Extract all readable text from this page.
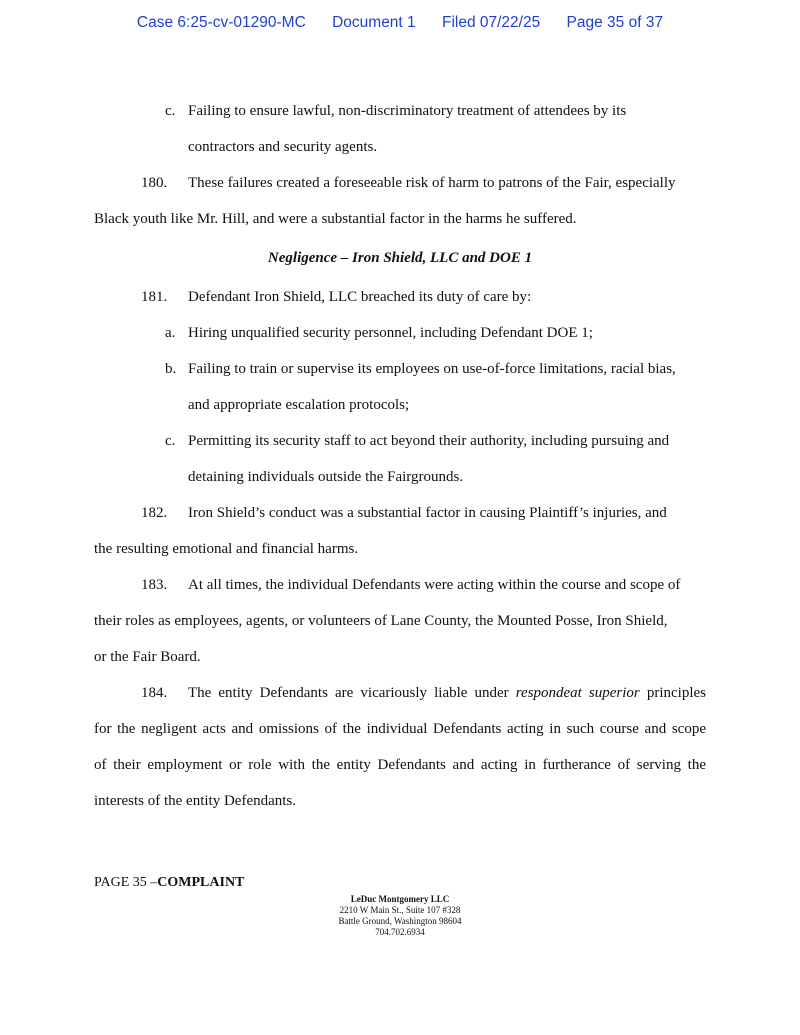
Case 6:25-cv-01290-MC Document 1 Filed 07/22/25 Page 35 of 37
c. Failing to ensure lawful, non-discriminatory treatment of attendees by its
contractors and security agents.
180. These failures created a foreseeable risk of harm to patrons of the Fair, especially
Black youth like Mr. Hill, and were a substantial factor in the harms he suffered.
Negligence – Iron Shield, LLC and DOE 1
181. Defendant Iron Shield, LLC breached its duty of care by:
a. Hiring unqualified security personnel, including Defendant DOE 1;
b. Failing to train or supervise its employees on use-of-force limitations, racial bias,
and appropriate escalation protocols;
c. Permitting its security staff to act beyond their authority, including pursuing and
detaining individuals outside the Fairgrounds.
182. Iron Shield’s conduct was a substantial factor in causing Plaintiff’s injuries, and
the resulting emotional and financial harms.
183. At all times, the individual Defendants were acting within the course and scope of
their roles as employees, agents, or volunteers of Lane County, the Mounted Posse, Iron Shield,
or the Fair Board.
184. The entity Defendants are vicariously liable under respondeat superior principles
for the negligent acts and omissions of the individual Defendants acting in such course and scope
of their employment or role with the entity Defendants and acting in furtherance of serving the
interests of the entity Defendants.
PAGE 35 –COMPLAINT
LeDuc Montgomery LLC
2210 W Main St., Suite 107 #328
Battle Ground, Washington 98604
704.702.6934
